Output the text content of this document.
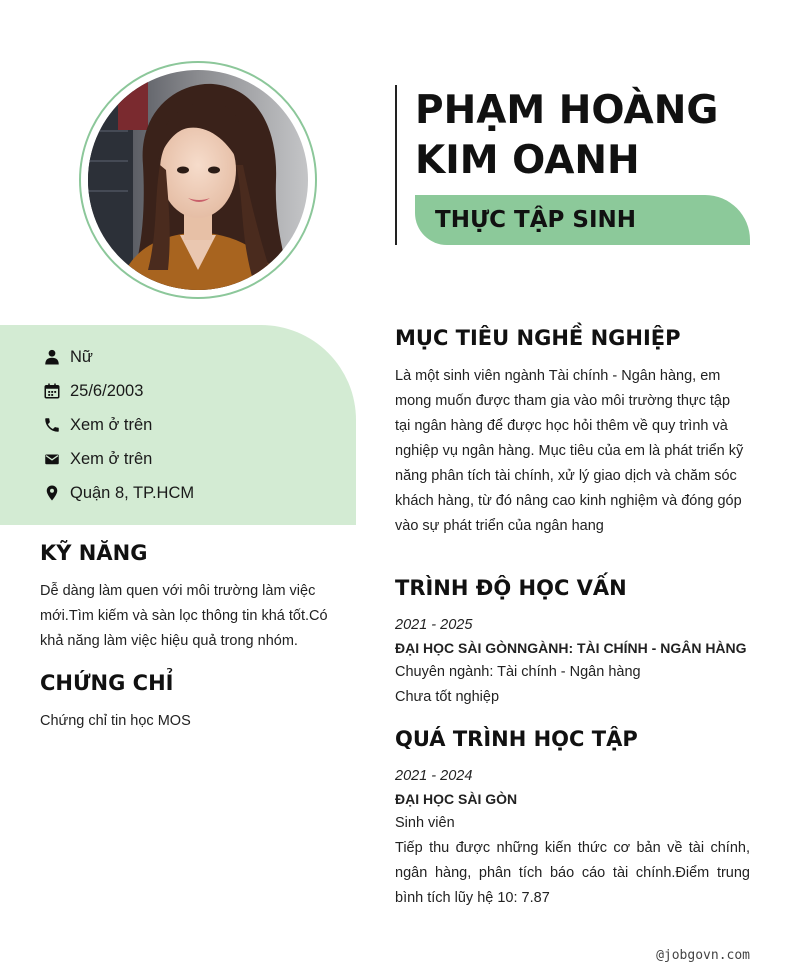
PHẠM HOÀNG
KIM OANH
THỰC TẬP SINH
Nữ
25/6/2003
Xem ở trên
Xem ở trên
Quận 8, TP.HCM
KỸ NĂNG
Dễ dàng làm quen với môi trường làm việc mới.Tìm kiếm và sàn lọc thông tin khá tốt.Có khả năng làm việc hiệu quả trong nhóm.
CHỨNG CHỈ
Chứng chỉ tin học MOS
MỤC TIÊU NGHỀ NGHIỆP
Là một sinh viên ngành Tài chính - Ngân hàng, em mong muốn được tham gia vào môi trường thực tập tại ngân hàng để được học hỏi thêm về quy trình và nghiệp vụ ngân hàng. Mục tiêu của em là phát triển kỹ năng phân tích tài chính, xử lý giao dịch và chăm sóc khách hàng, từ đó nâng cao kinh nghiệm và đóng góp vào sự phát triển của ngân hang
TRÌNH ĐỘ HỌC VẤN
2021 - 2025
ĐẠI HỌC SÀI GÒNNGÀNH: TÀI CHÍNH - NGÂN HÀNG
Chuyên ngành: Tài chính - Ngân hàng
Chưa tốt nghiệp
QUÁ TRÌNH HỌC TẬP
2021 - 2024
ĐẠI HỌC SÀI GÒN
Sinh viên
Tiếp thu được những kiến thức cơ bản về tài chính, ngân hàng, phân tích báo cáo tài chính.Điểm trung bình tích lũy hệ 10: 7.87
@jobgovn.com
